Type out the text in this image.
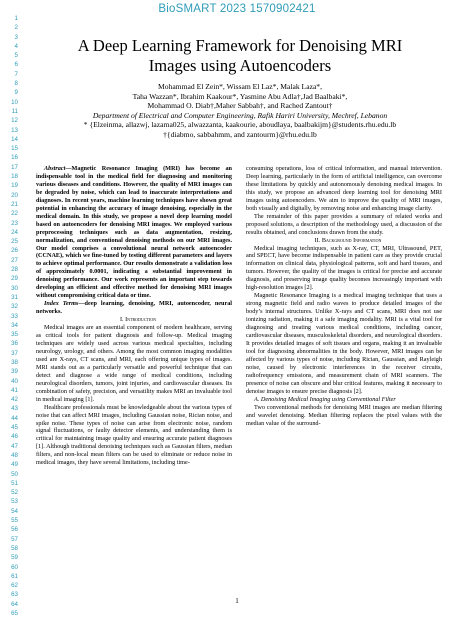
BioSMART 2023 1570902421
1
2
3
4
5
6
7
8
9
10
11
12
13
14
15
16
17
18
19
20
21
22
23
24
25
26
27
28
29
30
31
32
33
34
35
36
37
38
39
40
41
42
43
44
45
46
47
48
49
50
51
52
53
54
55
56
57
58
59
60
61
62
63
64
65
A Deep Learning Framework for Denoising MRI
Images using Autoencoders
Mohammad El Zein*, Wissam El Laz*, Malak Laza*,
Taha Wazzan*, Ibrahim Kaakour*, Yasmine Abu Adla†,Jad Baalbaki*,
Mohammad O. Diab†,Maher Sabbah†, and Rached Zantout†
Department of Electrical and Computer Engineering, Rafik Hariri University, Mechref, Lebanon
* {Elzeinma, allazwj, lazama025, alwazzanta, kaakourie, aboudlaya, baalbakijm}@students.rhu.edu.lb
†{diabmo, sabbahmm, and zantourm}@rhu.edu.lb

Abstract—Magnetic Resonance Imaging (MRI) has become an indispensable tool in the medical field for diagnosing and monitoring various diseases and conditions. However, the quality of MRI images can be degraded by noise, which can lead to inaccurate interpretations and diagnoses. In recent years, machine learning techniques have shown great potential in enhancing the accuracy of image denoising, especially in the medical domain. In this study, we propose a novel deep learning model based on autoencoders for denoising MRI images. We employed various preprocessing techniques such as data augmentation, resizing, normalization, and conventional denoising methods on our MRI images. Our model comprises a convolutional neural network autoencoder (CCNAE), which we fine-tuned by testing different parameters and layers to achieve optimal performance. Our results demonstrate a validation loss of approximately 0.0001, indicating a substantial improvement in denoising performance. Our work represents an important step towards developing an efficient and effective method for denoising MRI images without compromising critical data or time.

Index Terms—deep learning, denoising, MRI, autoencoder, neural networks.

I. Introduction

Medical images are an essential component of modern healthcare, serving as critical tools for patient diagnosis and follow-up. Medical imaging techniques are widely used across various medical specialties, including neurology, urology, and others. Among the most common imaging modalities used are X-rays, CT scans, and MRI, each offering unique types of images. MRI stands out as a particularly versatile and powerful technique that can detect and diagnose a wide range of medical conditions, including neurological disorders, tumors, joint injuries, and cardiovascular diseases. Its combination of safety, precision, and versatility makes MRI an invaluable tool in medical imaging [1].

Healthcare professionals must be knowledgeable about the various types of noise that can affect MRI images, including Gaussian noise, Rician noise, and spike noise. These types of noise can arise from electronic noise, random signal fluctuations, or faulty detector elements, and understanding them is critical for maintaining image quality and ensuring accurate patient diagnoses [1]. Although traditional denoising techniques such as Gaussian filters, median filters, and non-local mean filters can be used to eliminate or reduce noise in medical images, they have several limitations, including time-

consuming operations, loss of critical information, and manual intervention. Deep learning, particularly in the form of artificial intelligence, can overcome these limitations by quickly and autonomously denoising medical images. In this study, we propose an advanced deep learning tool for denoising MRI images using autoencoders. We aim to improve the quality of MRI images, both visually and digitally, by removing noise and enhancing image clarity.

The remainder of this paper provides a summary of related works and proposed solutions, a description of the methodology used, a discussion of the results obtained, and conclusions drawn from the study.

II. Background Information

Medical imaging techniques, such as X-ray, CT, MRI, Ultrasound, PET, and SPECT, have become indispensable in patient care as they provide crucial information on clinical data, physiological patterns, soft and hard tissues, and tumors. However, the quality of the images is critical for precise and accurate diagnosis, and preserving image quality becomes increasingly important with high-resolution images [2].

Magnetic Resonance Imaging is a medical imaging technique that uses a strong magnetic field and radio waves to produce detailed images of the body’s internal structures. Unlike X-rays and CT scans, MRI does not use ionizing radiation, making it a safe imaging modality. MRI is a vital tool for diagnosing and treating various medical conditions, including cancer, cardiovascular diseases, musculoskeletal disorders, and neurological disorders. It provides detailed images of soft tissues and organs, making it an invaluable tool for diagnosing abnormalities in the body. However, MRI images can be affected by various types of noise, including Rician, Gaussian, and Rayleigh noise, caused by electronic interferences in the receiver circuits, radiofrequency emissions, and measurement chain of MRI scanners. The presence of noise can obscure and blur critical features, making it necessary to denoise images to ensure precise diagnosis [2].

A. Denoising Medical Imaging using Conventional Filter

Two conventional methods for denoising MRI images are median filtering and wavelet denoising. Median filtering replaces the pixel values with the median value of the surround-

1
